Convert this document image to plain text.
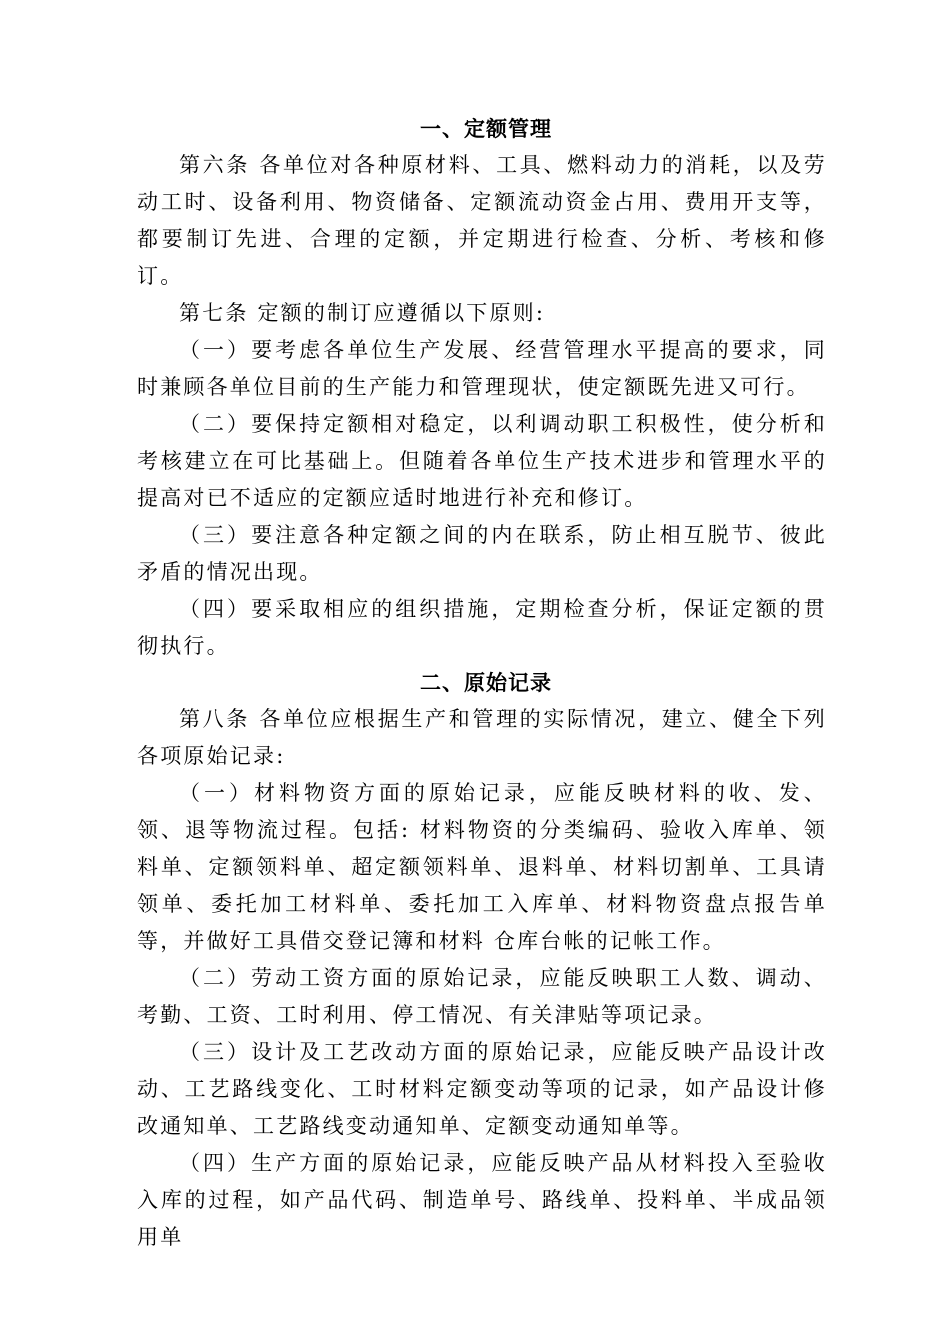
一、定额管理

第六条 各单位对各种原材料、工具、燃料动力的消耗，以及劳动工时、设备利用、物资储备、定额流动资金占用、费用开支等，都要制订先进、合理的定额，并定期进行检查、分析、考核和修订。

第七条 定额的制订应遵循以下原则:

（一）要考虑各单位生产发展、经营管理水平提高的要求，同时兼顾各单位目前的生产能力和管理现状，使定额既先进又可行。

（二）要保持定额相对稳定，以利调动职工积极性，使分析和考核建立在可比基础上。但随着各单位生产技术进步和管理水平的提高对已不适应的定额应适时地进行补充和修订。

（三）要注意各种定额之间的内在联系，防止相互脱节、彼此矛盾的情况出现。

（四）要采取相应的组织措施，定期检查分析，保证定额的贯彻执行。

二、原始记录

第八条 各单位应根据生产和管理的实际情况，建立、健全下列各项原始记录:

（一）材料物资方面的原始记录，应能反映材料的收、发、领、退等物流过程。包括: 材料物资的分类编码、验收入库单、领料单、定额领料单、超定额领料单、退料单、材料切割单、工具请领单、委托加工材料单、委托加工入库单、材料物资盘点报告单等，并做好工具借交登记簿和材料 仓库台帐的记帐工作。

（二）劳动工资方面的原始记录，应能反映职工人数、调动、考勤、工资、工时利用、停工情况、有关津贴等项记录。

（三）设计及工艺改动方面的原始记录，应能反映产品设计改动、工艺路线变化、工时材料定额变动等项的记录，如产品设计修改通知单、工艺路线变动通知单、定额变动通知单等。

（四）生产方面的原始记录，应能反映产品从材料投入至验收入库的过程，如产品代码、制造单号、路线单、投料单、半成品领用单
